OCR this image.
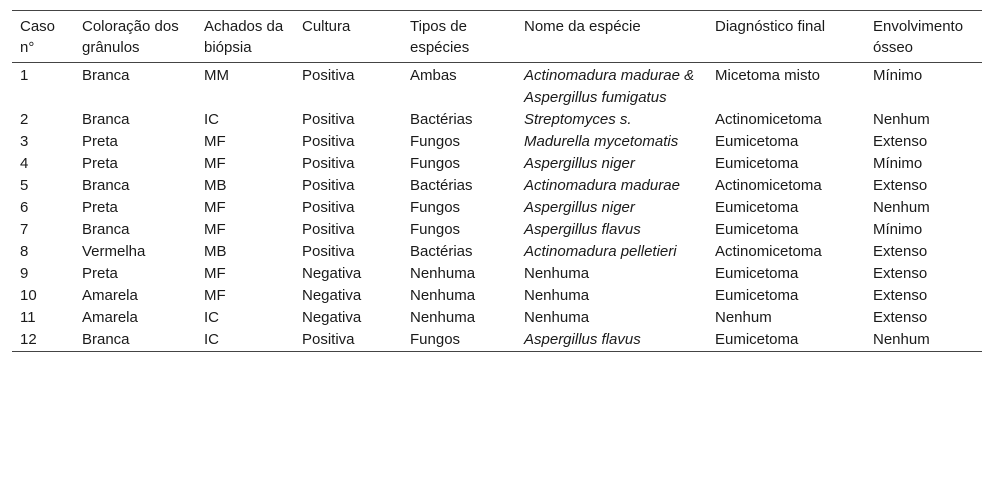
Caso n°	Coloração dos grânulos	Achados da biópsia	Cultura	Tipos de espécies	Nome da espécie	Diagnóstico final	Envolvimento ósseo
1	Branca	MM	Positiva	Ambas	Actinomadura madurae & Aspergillus fumigatus	Micetoma misto	Mínimo
2	Branca	IC	Positiva	Bactérias	Streptomyces s.	Actinomicetoma	Nenhum
3	Preta	MF	Positiva	Fungos	Madurella mycetomatis	Eumicetoma	Extenso
4	Preta	MF	Positiva	Fungos	Aspergillus niger	Eumicetoma	Mínimo
5	Branca	MB	Positiva	Bactérias	Actinomadura madurae	Actinomicetoma	Extenso
6	Preta	MF	Positiva	Fungos	Aspergillus niger	Eumicetoma	Nenhum
7	Branca	MF	Positiva	Fungos	Aspergillus flavus	Eumicetoma	Mínimo
8	Vermelha	MB	Positiva	Bactérias	Actinomadura pelletieri	Actinomicetoma	Extenso
9	Preta	MF	Negativa	Nenhuma	Nenhuma	Eumicetoma	Extenso
10	Amarela	MF	Negativa	Nenhuma	Nenhuma	Eumicetoma	Extenso
11	Amarela	IC	Negativa	Nenhuma	Nenhuma	Nenhum	Extenso
12	Branca	IC	Positiva	Fungos	Aspergillus flavus	Eumicetoma	Nenhum
